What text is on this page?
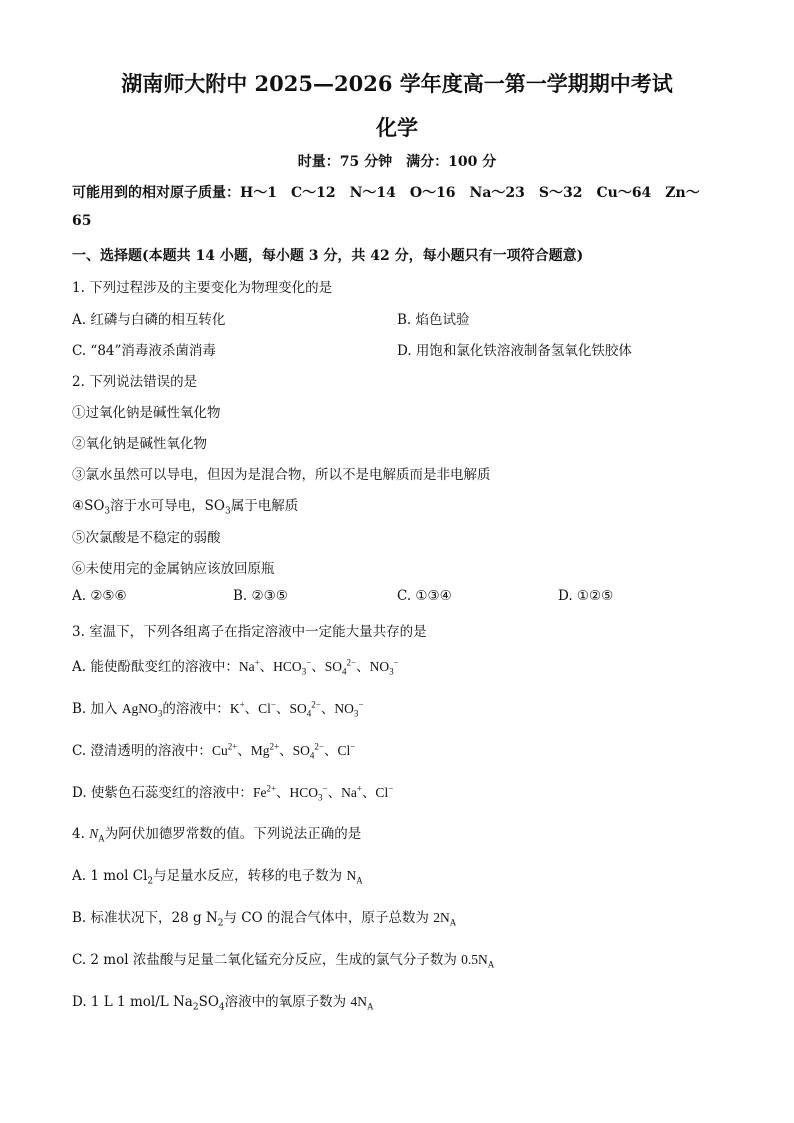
湖南师大附中 2025—2026 学年度高一第一学期期中考试
化学
时量：75 分钟　满分：100 分
可能用到的相对原子质量：H～1　C～12　N～14　O～16　Na～23　S～32　Cu～64　Zn～
65
一、选择题(本题共 14 小题，每小题 3 分，共 42 分，每小题只有一项符合题意)
1. 下列过程涉及的主要变化为物理变化的是
A. 红磷与白磷的相互转化	B. 焰色试验
C. “84”消毒液杀菌消毒	D. 用饱和氯化铁溶液制备氢氧化铁胶体
2. 下列说法错误的是
①过氧化钠是碱性氧化物
②氧化钠是碱性氧化物
③氯水虽然可以导电，但因为是混合物，所以不是电解质而是非电解质
$④SO_3$溶于水可导电，$SO_3$属于电解质
⑤次氯酸是不稳定的弱酸
⑥未使用完的金属钠应该放回原瓶
A. ②⑤⑥	B. ②③⑤	C. ①③④	D. ①②⑤
3. 室温下，下列各组离子在指定溶液中一定能大量共存的是
A. 能使酚酞变红的溶液中：Na+、$HCO_3^-$、$SO_4^{2-}$、$NO_3^-$
B. 加入 AgNO$_3$的溶液中：K+、Cl−、$SO_4^{2-}$、$NO_3^-$
C. 澄清透明的溶液中：$Cu^{2+}$、$Mg^{2+}$、$SO_4^{2-}$、Cl−
D. 使紫色石蕊变红的溶液中：$Fe^{2+}$、$HCO_3^-$、Na+、Cl−
4. $N_A$为阿伏加德罗常数的值。下列说法正确的是
A. 1 mol $Cl_2$与足量水反应，转移的电子数为 $N_A$
B. 标准状况下，28 g $N_2$与 CO 的混合气体中，原子总数为 $2N_A$
C. 2 mol 浓盐酸与足量二氧化锰充分反应，生成的氯气分子数为 $0.5N_A$
D. 1 L 1 mol/L $Na_2SO_4$溶液中的氧原子数为 $4N_A$
